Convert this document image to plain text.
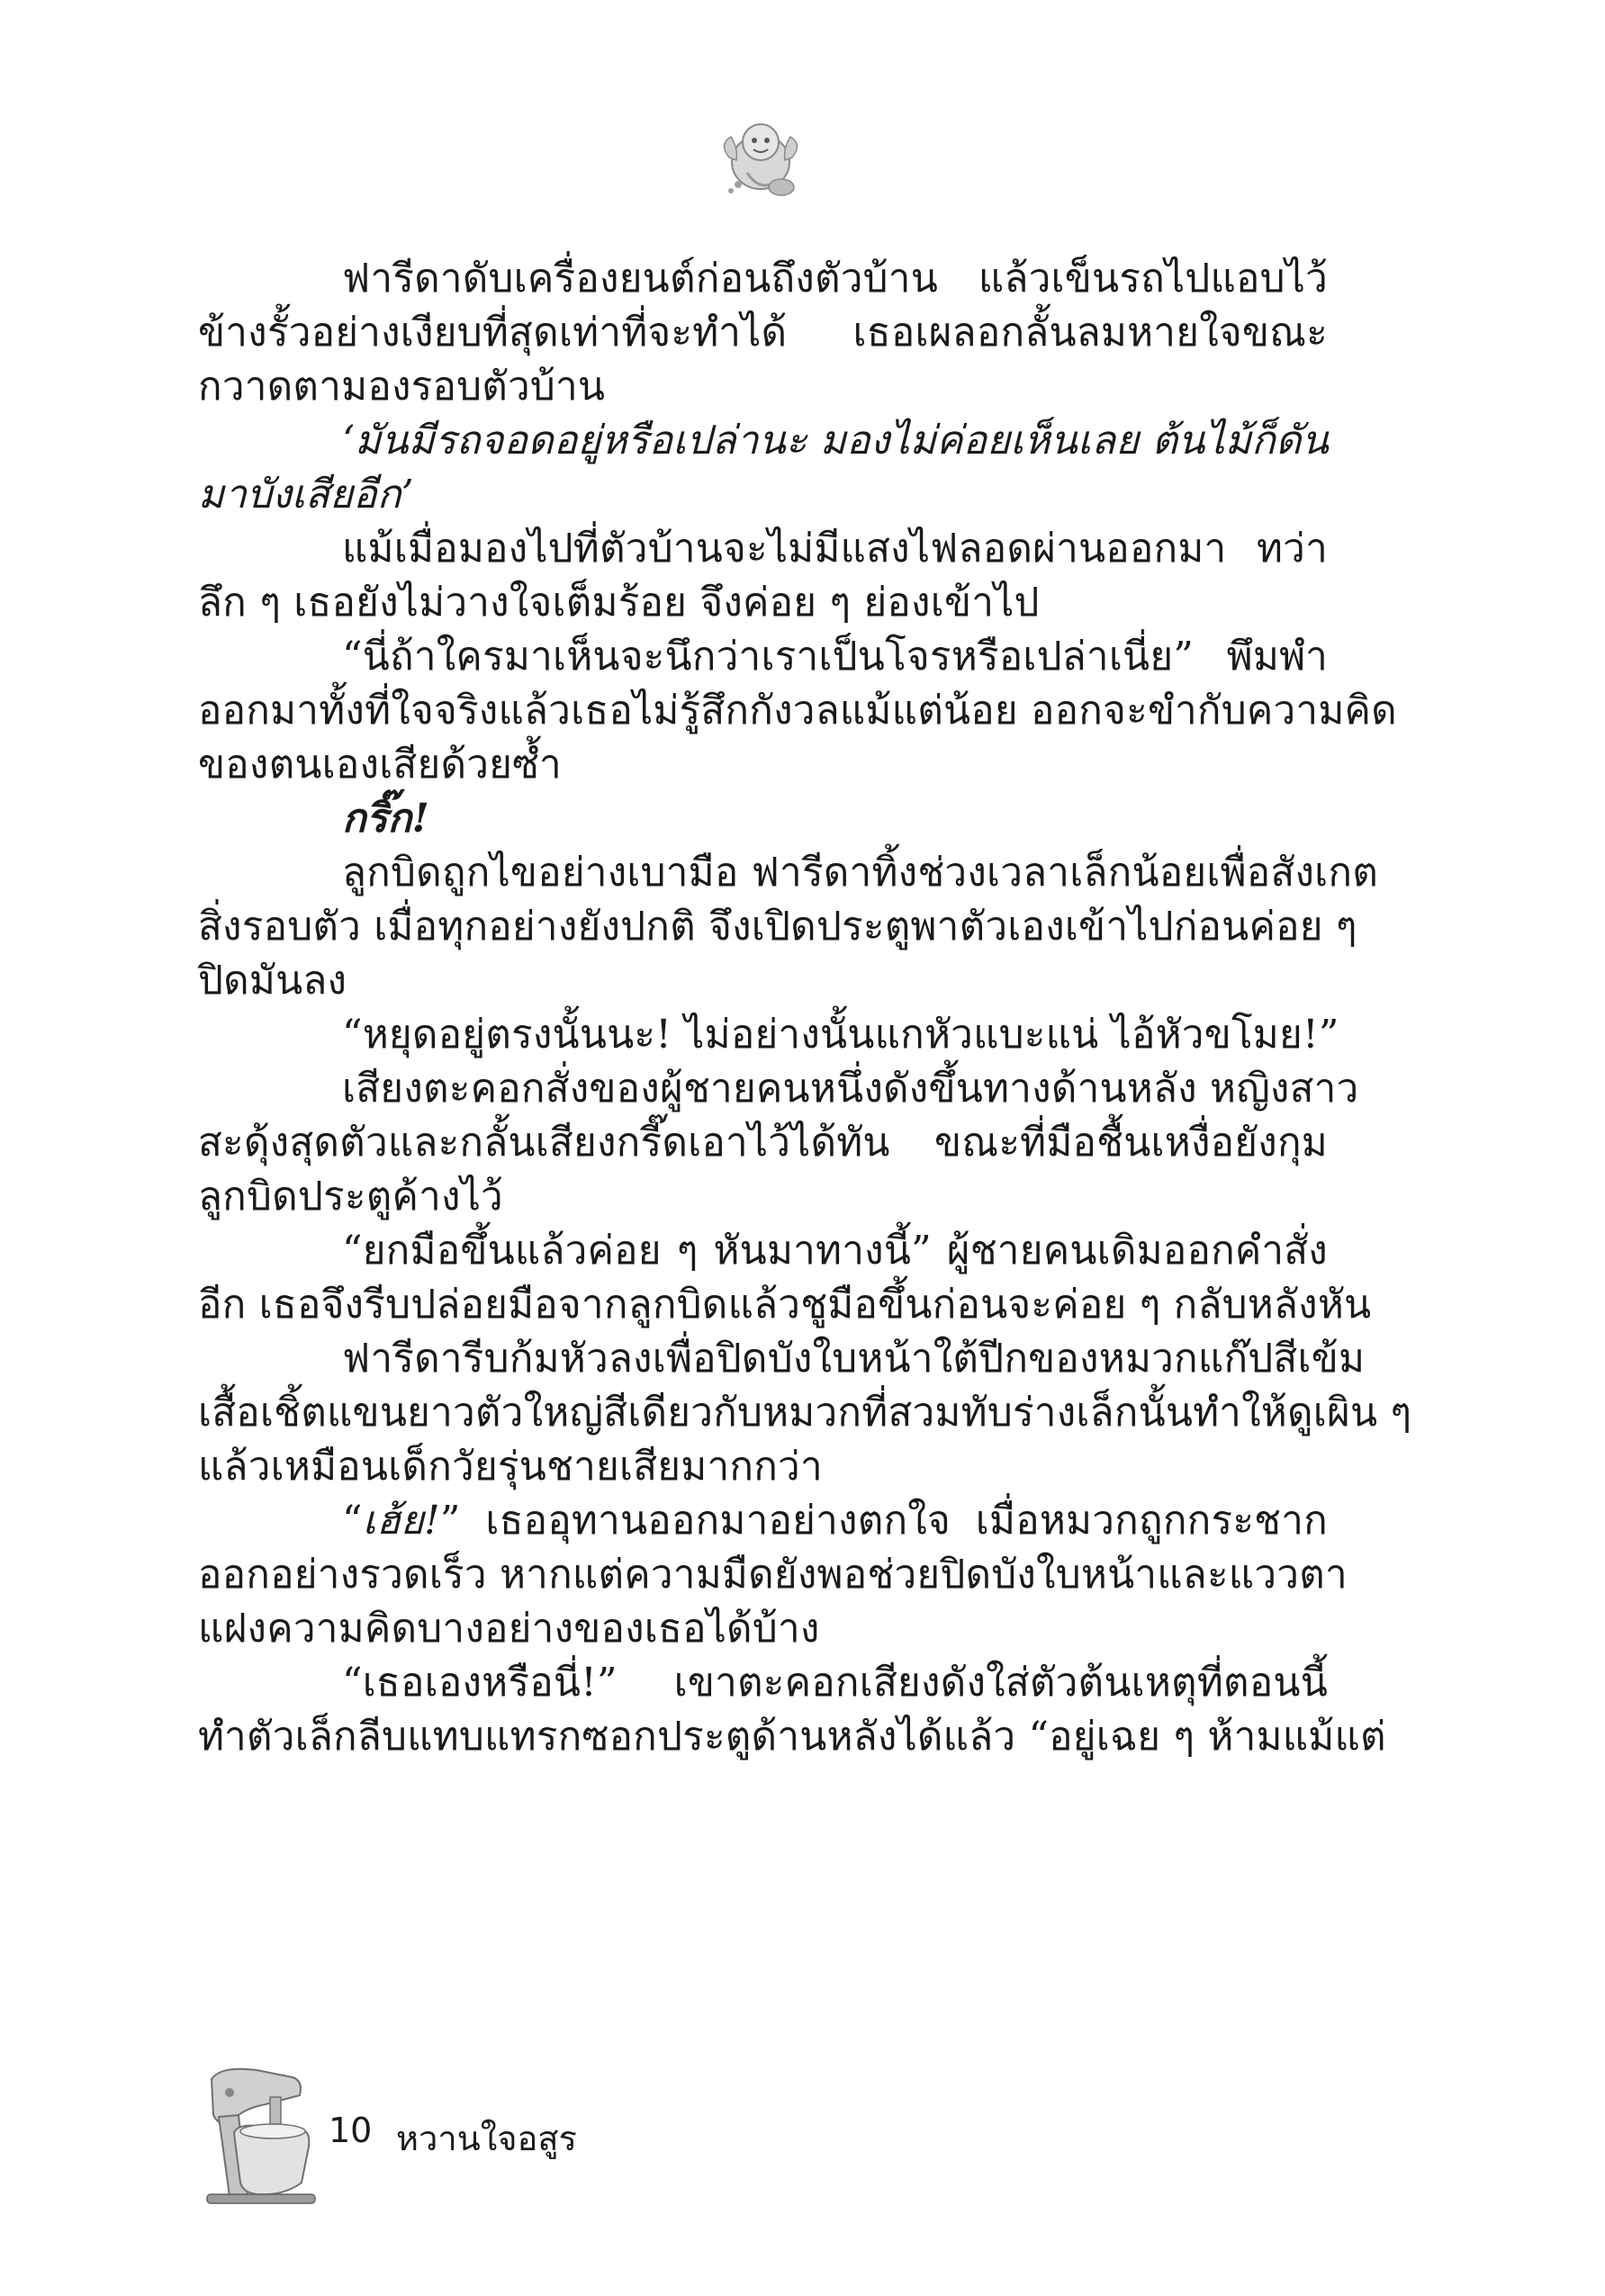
ฟารีดาดับเครื่องยนต์ก่อนถึงตัวบ้าน แล้วเข็นรถไปแอบไว้
ข้างรั้วอย่างเงียบที่สุดเท่าที่จะทำได้ เธอเผลอกลั้นลมหายใจขณะ
กวาดตามองรอบตัวบ้าน
‘มันมีรถจอดอยู่หรือเปล่านะ มองไม่ค่อยเห็นเลย ต้นไม้ก็ดัน
มาบังเสียอีก’
แม้เมื่อมองไปที่ตัวบ้านจะไม่มีแสงไฟลอดผ่านออกมา ทว่า
ลึก ๆ เธอยังไม่วางใจเต็มร้อย จึงค่อย ๆ ย่องเข้าไป
“นี่ถ้าใครมาเห็นจะนึกว่าเราเป็นโจรหรือเปล่าเนี่ย” พึมพำ
ออกมาทั้งที่ใจจริงแล้วเธอไม่รู้สึกกังวลแม้แต่น้อย ออกจะขำกับความคิด
ของตนเองเสียด้วยซ้ำ
กริ๊ก!
ลูกบิดถูกไขอย่างเบามือ ฟารีดาทิ้งช่วงเวลาเล็กน้อยเพื่อสังเกต
สิ่งรอบตัว เมื่อทุกอย่างยังปกติ จึงเปิดประตูพาตัวเองเข้าไปก่อนค่อย ๆ
ปิดมันลง
“หยุดอยู่ตรงนั้นนะ! ไม่อย่างนั้นแกหัวแบะแน่ ไอ้หัวขโมย!”
เสียงตะคอกสั่งของผู้ชายคนหนึ่งดังขึ้นทางด้านหลัง หญิงสาว
สะดุ้งสุดตัวและกลั้นเสียงกรี๊ดเอาไว้ได้ทัน ขณะที่มือชื้นเหงื่อยังกุม
ลูกบิดประตูค้างไว้
“ยกมือขึ้นแล้วค่อย ๆ หันมาทางนี้” ผู้ชายคนเดิมออกคำสั่ง
อีก เธอจึงรีบปล่อยมือจากลูกบิดแล้วชูมือขึ้นก่อนจะค่อย ๆ กลับหลังหัน
ฟารีดารีบก้มหัวลงเพื่อปิดบังใบหน้าใต้ปีกของหมวกแก๊ปสีเข้ม
เสื้อเชิ้ตแขนยาวตัวใหญ่สีเดียวกับหมวกที่สวมทับร่างเล็กนั้นทำให้ดูเผิน ๆ
แล้วเหมือนเด็กวัยรุ่นชายเสียมากกว่า
“เฮ้ย!” เธออุทานออกมาอย่างตกใจ เมื่อหมวกถูกกระชาก
ออกอย่างรวดเร็ว หากแต่ความมืดยังพอช่วยปิดบังใบหน้าและแววตา
แฝงความคิดบางอย่างของเธอได้บ้าง
“เธอเองหรือนี่!” เขาตะคอกเสียงดังใส่ตัวต้นเหตุที่ตอนนี้
ทำตัวเล็กลีบแทบแทรกซอกประตูด้านหลังได้แล้ว “อยู่เฉย ๆ ห้ามแม้แต่
10 หวานใจอสูร
